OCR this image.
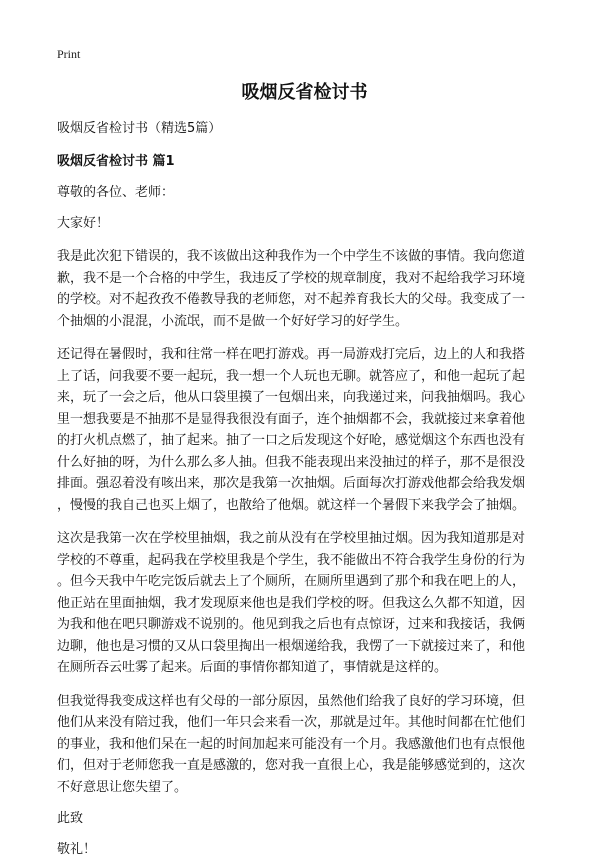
Print
吸烟反省检讨书
吸烟反省检讨书（精选5篇）
吸烟反省检讨书 篇1
尊敬的各位、老师：
大家好！
我是此次犯下错误的，我不该做出这种我作为一个中学生不该做的事情。我向您道
歉，我不是一个合格的中学生，我违反了学校的规章制度，我对不起给我学习环境
的学校。对不起孜孜不倦教导我的老师您，对不起养育我长大的父母。我变成了一
个抽烟的小混混，小流氓，而不是做一个好好学习的好学生。
还记得在暑假时，我和往常一样在吧打游戏。再一局游戏打完后，边上的人和我搭
上了话，问我要不要一起玩，我一想一个人玩也无聊。就答应了，和他一起玩了起
来，玩了一会之后，他从口袋里摸了一包烟出来，向我递过来，问我抽烟吗。我心
里一想我要是不抽那不是显得我很没有面子，连个抽烟都不会，我就接过来拿着他
的打火机点燃了，抽了起来。抽了一口之后发现这个好呛，感觉烟这个东西也没有
什么好抽的呀，为什么那么多人抽。但我不能表现出来没抽过的样子，那不是很没
排面。强忍着没有咳出来，那次是我第一次抽烟。后面每次打游戏他都会给我发烟
，慢慢的我自己也买上烟了，也散给了他烟。就这样一个暑假下来我学会了抽烟。
这次是我第一次在学校里抽烟，我之前从没有在学校里抽过烟。因为我知道那是对
学校的不尊重，起码我在学校里我是个学生，我不能做出不符合我学生身份的行为
。但今天我中午吃完饭后就去上了个厕所，在厕所里遇到了那个和我在吧上的人，
他正站在里面抽烟，我才发现原来他也是我们学校的呀。但我这么久都不知道，因
为我和他在吧只聊游戏不说别的。他见到我之后也有点惊讶，过来和我接话，我俩
边聊，他也是习惯的又从口袋里掏出一根烟递给我，我愣了一下就接过来了，和他
在厕所吞云吐雾了起来。后面的事情你都知道了，事情就是这样的。
但我觉得我变成这样也有父母的一部分原因，虽然他们给我了良好的学习环境，但
他们从来没有陪过我，他们一年只会来看一次，那就是过年。其他时间都在忙他们
的事业，我和他们呆在一起的时间加起来可能没有一个月。我感激他们也有点恨他
们，但对于老师您我一直是感激的，您对我一直很上心，我是能够感觉到的，这次
不好意思让您失望了。
此致
敬礼！
